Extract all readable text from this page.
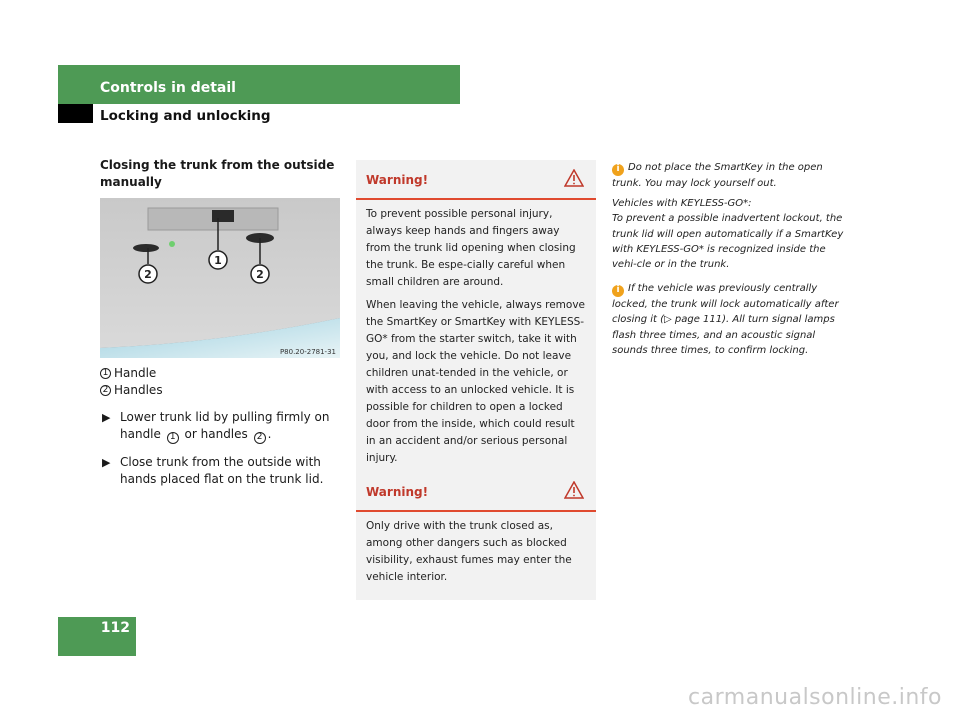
Controls in detail
Locking and unlocking
Closing the trunk from the outside manually
2
1
2
P80.20-2781-31
1 Handle
2 Handles
▶ Lower trunk lid by pulling firmly on handle 1 or handles 2 .
▶ Close trunk from the outside with hands placed flat on the trunk lid.
Warning!

To prevent possible personal injury, always keep hands and fingers away from the trunk lid opening when closing the trunk. Be espe-cially careful when small children are around.

When leaving the vehicle, always remove the SmartKey or SmartKey with KEYLESS-GO* from the starter switch, take it with you, and lock the vehicle. Do not leave children unat-tended in the vehicle, or with access to an unlocked vehicle. It is possible for children to open a locked door from the inside, which could result in an accident and/or serious personal injury.

Warning!

Only drive with the trunk closed as, among other dangers such as blocked visibility, exhaust fumes may enter the vehicle interior.

i Do not place the SmartKey in the open trunk. You may lock yourself out.

Vehicles with KEYLESS-GO*:
To prevent a possible inadvertent lockout, the trunk lid will open automatically if a SmartKey with KEYLESS-GO* is recognized inside the vehi-cle or in the trunk.

i If the vehicle was previously centrally locked, the trunk will lock automatically after closing it (▷ page 111). All turn signal lamps flash three times, and an acoustic signal sounds three times, to confirm locking.

112
carmanualsonline.info
